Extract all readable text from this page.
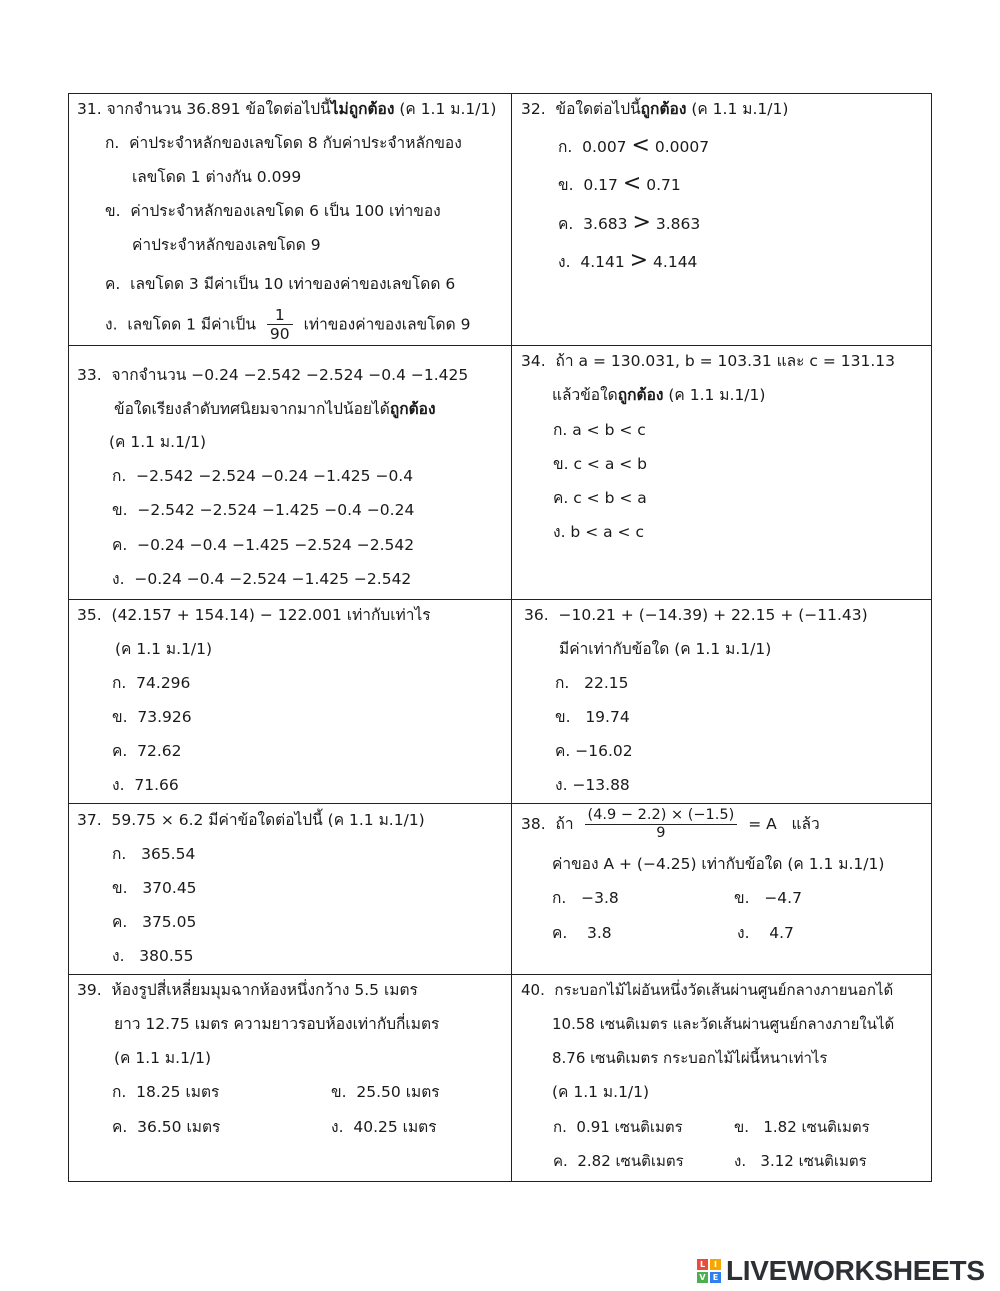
31. จากจำนวน 36.891 ข้อใดต่อไปนี้ไม่ถูกต้อง (ค 1.1 ม.1/1)
ก. ค่าประจำหลักของเลขโดด 8 กับค่าประจำหลักของ
เลขโดด 1 ต่างกัน 0.099
ข. ค่าประจำหลักของเลขโดด 6 เป็น 100 เท่าของ
ค่าประจำหลักของเลขโดด 9
ค. เลขโดด 3 มีค่าเป็น 10 เท่าของค่าของเลขโดด 6
ง. เลขโดด 1 มีค่าเป็น $\frac{1}{90}$ เท่าของค่าของเลขโดด 9
32. ข้อใดต่อไปนี้ถูกต้อง (ค 1.1 ม.1/1)
ก. 0.007 < 0.0007
ข. 0.17 < 0.71
ค. 3.683 > 3.863
ง. 4.141 > 4.144
33. จากจำนวน −0.24 −2.542 −2.524 −0.4 −1.425
ข้อใดเรียงลำดับทศนิยมจากมากไปน้อยได้ถูกต้อง
(ค 1.1 ม.1/1)
ก. −2.542 −2.524 −0.24 −1.425 −0.4
ข. −2.542 −2.524 −1.425 −0.4 −0.24
ค. −0.24 −0.4 −1.425 −2.524 −2.542
ง. −0.24 −0.4 −2.524 −1.425 −2.542
34. ถ้า a = 130.031, b = 103.31 และ c = 131.13
แล้วข้อใดถูกต้อง (ค 1.1 ม.1/1)
ก. a < b < c
ข. c < a < b
ค. c < b < a
ง. b < a < c
35. (42.157 + 154.14) − 122.001 เท่ากับเท่าไร
(ค 1.1 ม.1/1)
ก. 74.296
ข. 73.926
ค. 72.62
ง. 71.66
36. −10.21 + (−14.39) + 22.15 + (−11.43)
มีค่าเท่ากับข้อใด (ค 1.1 ม.1/1)
ก. 22.15
ข. 19.74
ค. −16.02
ง. −13.88
37. 59.75 × 6.2 มีค่าข้อใดต่อไปนี้ (ค 1.1 ม.1/1)
ก. 365.54
ข. 370.45
ค. 375.05
ง. 380.55
38. ถ้า $\frac{(4.9 - 2.2) \times (-1.5)}{9} = A$ แล้ว
ค่าของ A + (−4.25) เท่ากับข้อใด (ค 1.1 ม.1/1)
ก. −3.8	ข. −4.7
ค. 3.8	ง. 4.7
39. ห้องรูปสี่เหลี่ยมมุมฉากห้องหนึ่งกว้าง 5.5 เมตร
ยาว 12.75 เมตร ความยาวรอบห้องเท่ากับกี่เมตร
(ค 1.1 ม.1/1)
ก. 18.25 เมตร	ข. 25.50 เมตร
ค. 36.50 เมตร	ง. 40.25 เมตร
40. กระบอกไม้ไผ่อันหนึ่งวัดเส้นผ่านศูนย์กลางภายนอกได้
10.58 เซนติเมตร และวัดเส้นผ่านศูนย์กลางภายในได้
8.76 เซนติเมตร กระบอกไม้ไผ่นี้หนาเท่าไร
(ค 1.1 ม.1/1)
ก. 0.91 เซนติเมตร	ข. 1.82 เซนติเมตร
ค. 2.82 เซนติเมตร	ง. 3.12 เซนติเมตร
L	I
V E LIVEWORKSHEETS
